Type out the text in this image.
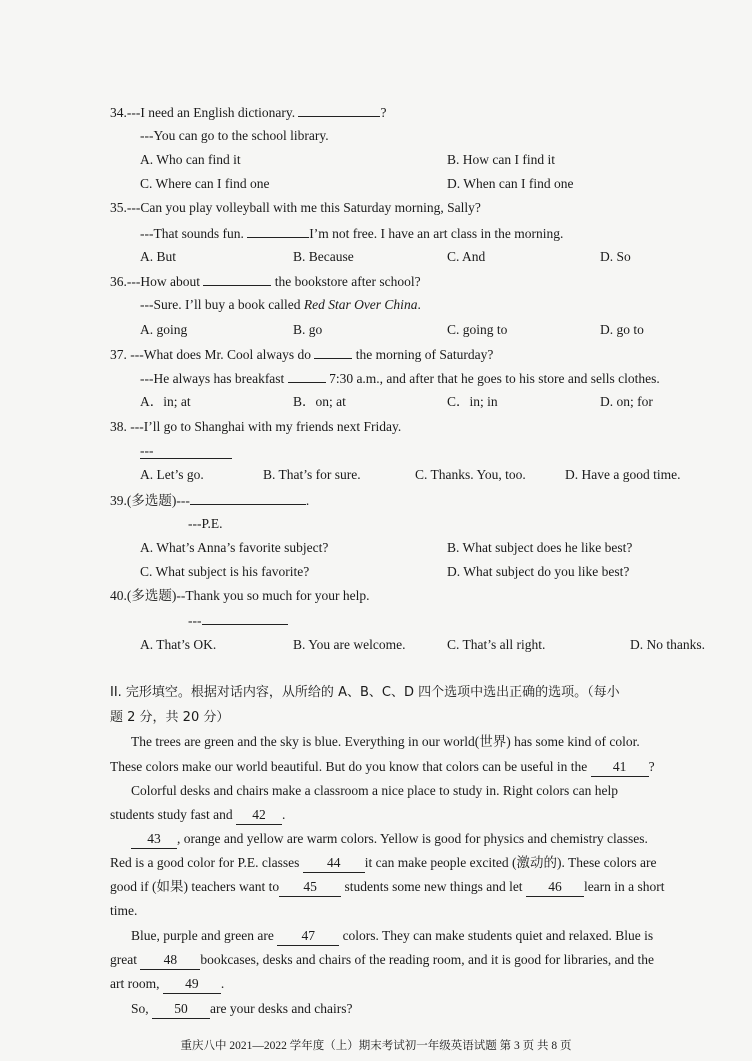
34.---I need an English dictionary.	?
---You can go to the school library.
A. Who can find it	B. How can I find it
C. Where can I find one	D. When can I find one
35.---Can you play volleyball with me this Saturday morning, Sally?
---That sounds fun.	I’m not free. I have an art class in the morning.
A. But	B. Because	C. And	D. So
36.---How about	the bookstore after school?
---Sure. I’ll buy a book called Red Star Over China.
A. going	B. go	C. going to	D. go to
37. ---What does Mr. Cool always do	the morning of Saturday?
---He always has breakfast	7:30 a.m., and after that he goes to his store and sells clothes.
A．in; at	B．on; at	C．in; in	D. on; for
38. ---I’ll go to Shanghai with my friends next Friday.
---
A. Let’s go.	B. That’s for sure.	C. Thanks. You, too.	D. Have a good time.
39.(多选题)---	.
---P.E.
A. What’s Anna’s favorite subject?	B. What subject does he like best?
C. What subject is his favorite?	D. What subject do you like best?
40.(多选题)--Thank you so much for your help.
---
A. That’s OK.	B. You are welcome.	C. That’s all right.	D. No thanks.
II. 完形填空。根据对话内容，从所给的 A、B、C、D 四个选项中选出正确的选项。（每小
题 2 分，共 20 分）
The trees are green and the sky is blue. Everything in our world(世界) has some kind of color.
These colors make our world beautiful. But do you know that colors can be useful in the 41 ?
Colorful desks and chairs make a classroom a nice place to study in. Right colors can help
students study fast and 42 .
43 , orange and yellow are warm colors. Yellow is good for physics and chemistry classes.
Red is a good color for P.E. classes 44 it can make people excited (激动的). These colors are
good if (如果) teachers want to 45 students some new things and let 46 learn in a short
time.
Blue, purple and green are 47 colors. They can make students quiet and relaxed. Blue is
great 48 bookcases, desks and chairs of the reading room, and it is good for libraries, and the
art room, 49 .
So, 50 are your desks and chairs?
重庆八中 2021—2022 学年度（上）期末考试初一年级英语试题 第 3 页 共 8 页
